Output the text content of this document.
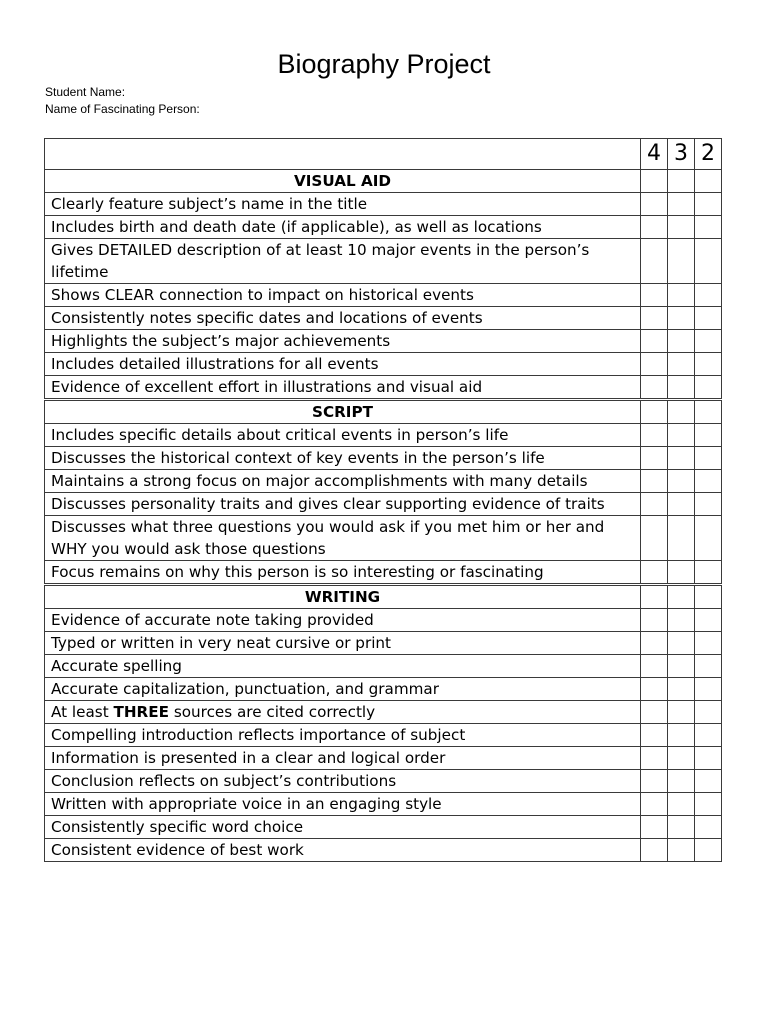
Biography Project
Student Name:
Name of Fascinating Person:
	4	3	2
VISUAL AID			
Clearly feature subject’s name in the title			
Includes birth and death date (if applicable), as well as locations			
Gives DETAILED description of at least 10 major events in the person’s lifetime			
Shows CLEAR connection to impact on historical events			
Consistently notes specific dates and locations of events			
Highlights the subject’s major achievements			
Includes detailed illustrations for all events			
Evidence of excellent effort in illustrations and visual aid			
SCRIPT			
Includes specific details about critical events in person’s life			
Discusses the historical context of key events in the person’s life			
Maintains a strong focus on major accomplishments with many details			
Discusses personality traits and gives clear supporting evidence of traits			
Discusses what three questions you would ask if you met him or her and WHY you would ask those questions			
Focus remains on why this person is so interesting or fascinating			
WRITING			
Evidence of accurate note taking provided			
Typed or written in very neat cursive or print			
Accurate spelling			
Accurate capitalization, punctuation, and grammar			
At least THREE sources are cited correctly			
Compelling introduction reflects importance of subject			
Information is presented in a clear and logical order			
Conclusion reflects on subject’s contributions			
Written with appropriate voice in an engaging style			
Consistently specific word choice			
Consistent evidence of best work			
